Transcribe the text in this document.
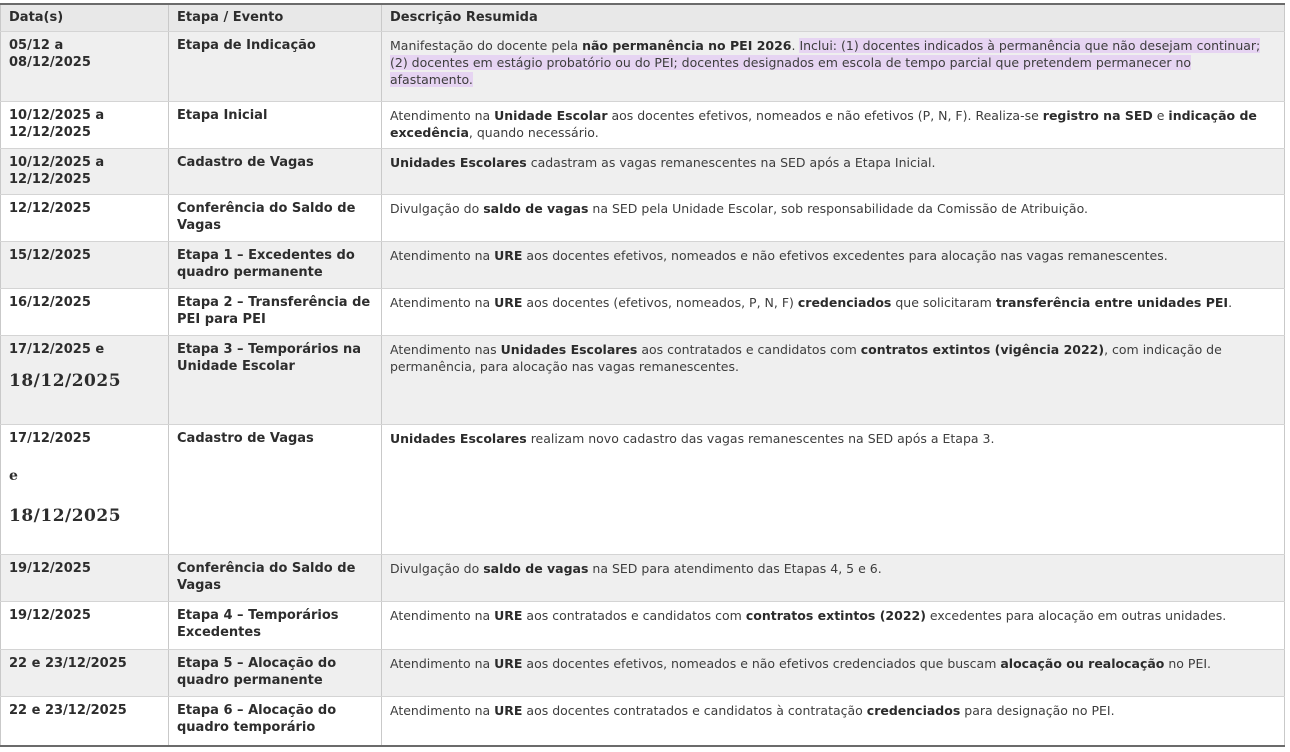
Data(s)	Etapa / Evento	Descrição Resumida

05/12 a
08/12/2025	Etapa de Indicação	Manifestação do docente pela não permanência no PEI 2026. Inclui: (1) docentes indicados à permanência que não desejam continuar; (2) docentes em estágio probatório ou do PEI; docentes designados em escola de tempo parcial que pretendem permanecer no afastamento.

10/12/2025 a
12/12/2025	Etapa Inicial	Atendimento na Unidade Escolar aos docentes efetivos, nomeados e não efetivos (P, N, F). Realiza-se registro na SED e indicação de excedência, quando necessário.

10/12/2025 a
12/12/2025	Cadastro de Vagas	Unidades Escolares cadastram as vagas remanescentes na SED após a Etapa Inicial.

12/12/2025	Conferência do Saldo de Vagas	Divulgação do saldo de vagas na SED pela Unidade Escolar, sob responsabilidade da Comissão de Atribuição.

15/12/2025	Etapa 1 – Excedentes do quadro permanente	Atendimento na URE aos docentes efetivos, nomeados e não efetivos excedentes para alocação nas vagas remanescentes.

16/12/2025	Etapa 2 – Transferência de PEI para PEI	Atendimento na URE aos docentes (efetivos, nomeados, P, N, F) credenciados que solicitaram transferência entre unidades PEI.

17/12/2025 e
18/12/2025	Etapa 3 – Temporários na Unidade Escolar	Atendimento nas Unidades Escolares aos contratados e candidatos com contratos extintos (vigência 2022), com indicação de permanência, para alocação nas vagas remanescentes.

17/12/2025
e
18/12/2025	Cadastro de Vagas	Unidades Escolares realizam novo cadastro das vagas remanescentes na SED após a Etapa 3.

19/12/2025	Conferência do Saldo de Vagas	Divulgação do saldo de vagas na SED para atendimento das Etapas 4, 5 e 6.

19/12/2025	Etapa 4 – Temporários Excedentes	Atendimento na URE aos contratados e candidatos com contratos extintos (2022) excedentes para alocação em outras unidades.

22 e 23/12/2025	Etapa 5 – Alocação do quadro permanente	Atendimento na URE aos docentes efetivos, nomeados e não efetivos credenciados que buscam alocação ou realocação no PEI.

22 e 23/12/2025	Etapa 6 – Alocação do quadro temporário	Atendimento na URE aos docentes contratados e candidatos à contratação credenciados para designação no PEI.
